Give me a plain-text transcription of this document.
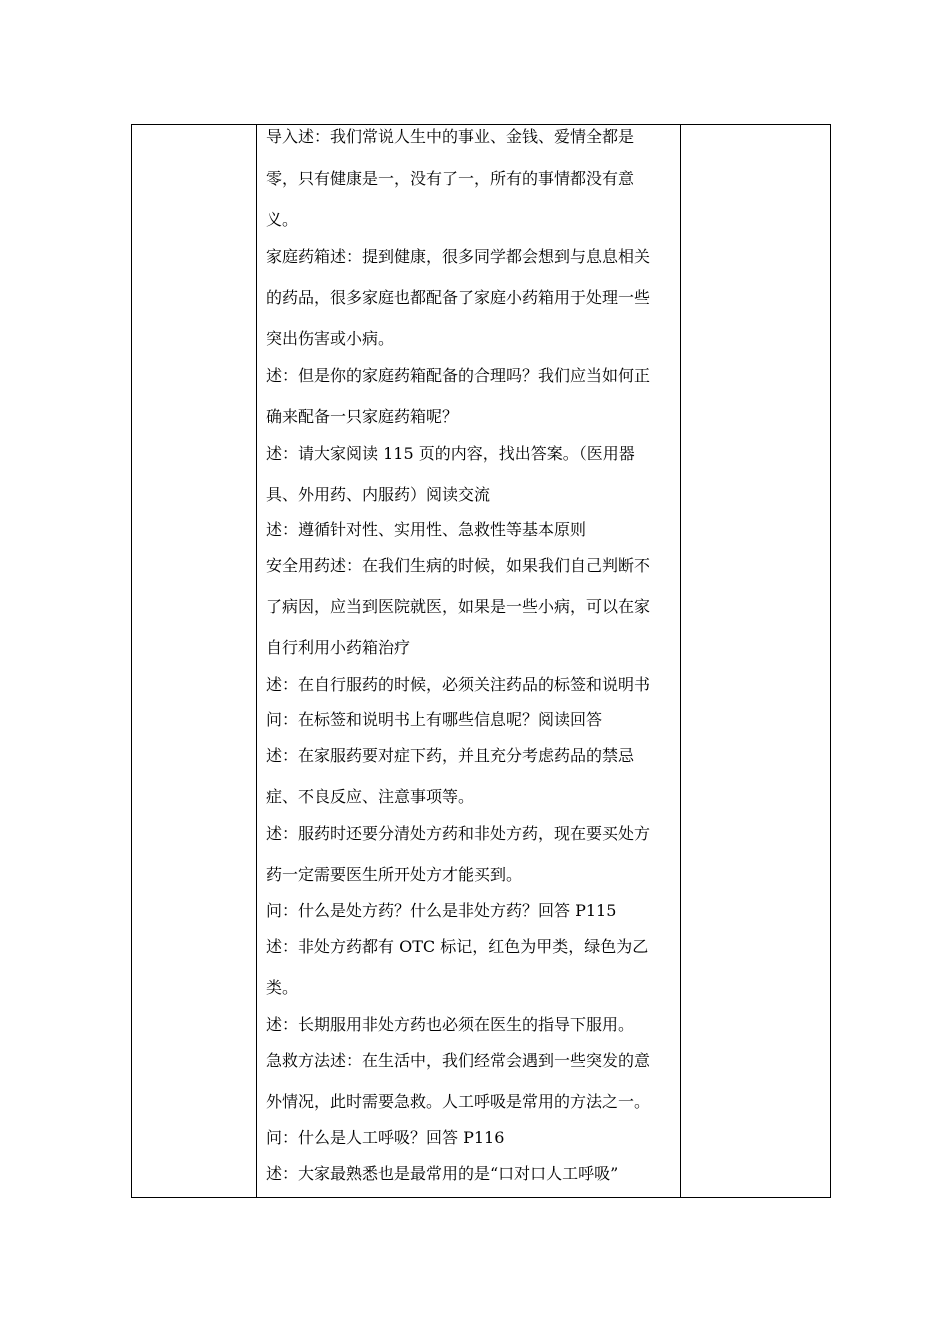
导入述：我们常说人生中的事业、金钱、爱情全都是
零，只有健康是一，没有了一，所有的事情都没有意
义。
家庭药箱述：提到健康，很多同学都会想到与息息相关
的药品，很多家庭也都配备了家庭小药箱用于处理一些
突出伤害或小病。
述：但是你的家庭药箱配备的合理吗？我们应当如何正
确来配备一只家庭药箱呢？
述：请大家阅读 115 页的内容，找出答案。（医用器
具、外用药、内服药）阅读交流
述：遵循针对性、实用性、急救性等基本原则
安全用药述：在我们生病的时候，如果我们自己判断不
了病因，应当到医院就医，如果是一些小病，可以在家
自行利用小药箱治疗
述：在自行服药的时候，必须关注药品的标签和说明书
问：在标签和说明书上有哪些信息呢？阅读回答
述：在家服药要对症下药，并且充分考虑药品的禁忌
症、不良反应、注意事项等。
述：服药时还要分清处方药和非处方药，现在要买处方
药一定需要医生所开处方才能买到。
问：什么是处方药？什么是非处方药？回答 P115
述：非处方药都有 OTC 标记，红色为甲类，绿色为乙
类。
述：长期服用非处方药也必须在医生的指导下服用。
急救方法述：在生活中，我们经常会遇到一些突发的意
外情况，此时需要急救。人工呼吸是常用的方法之一。
问：什么是人工呼吸？回答 P116
述：大家最熟悉也是最常用的是“口对口人工呼吸”
